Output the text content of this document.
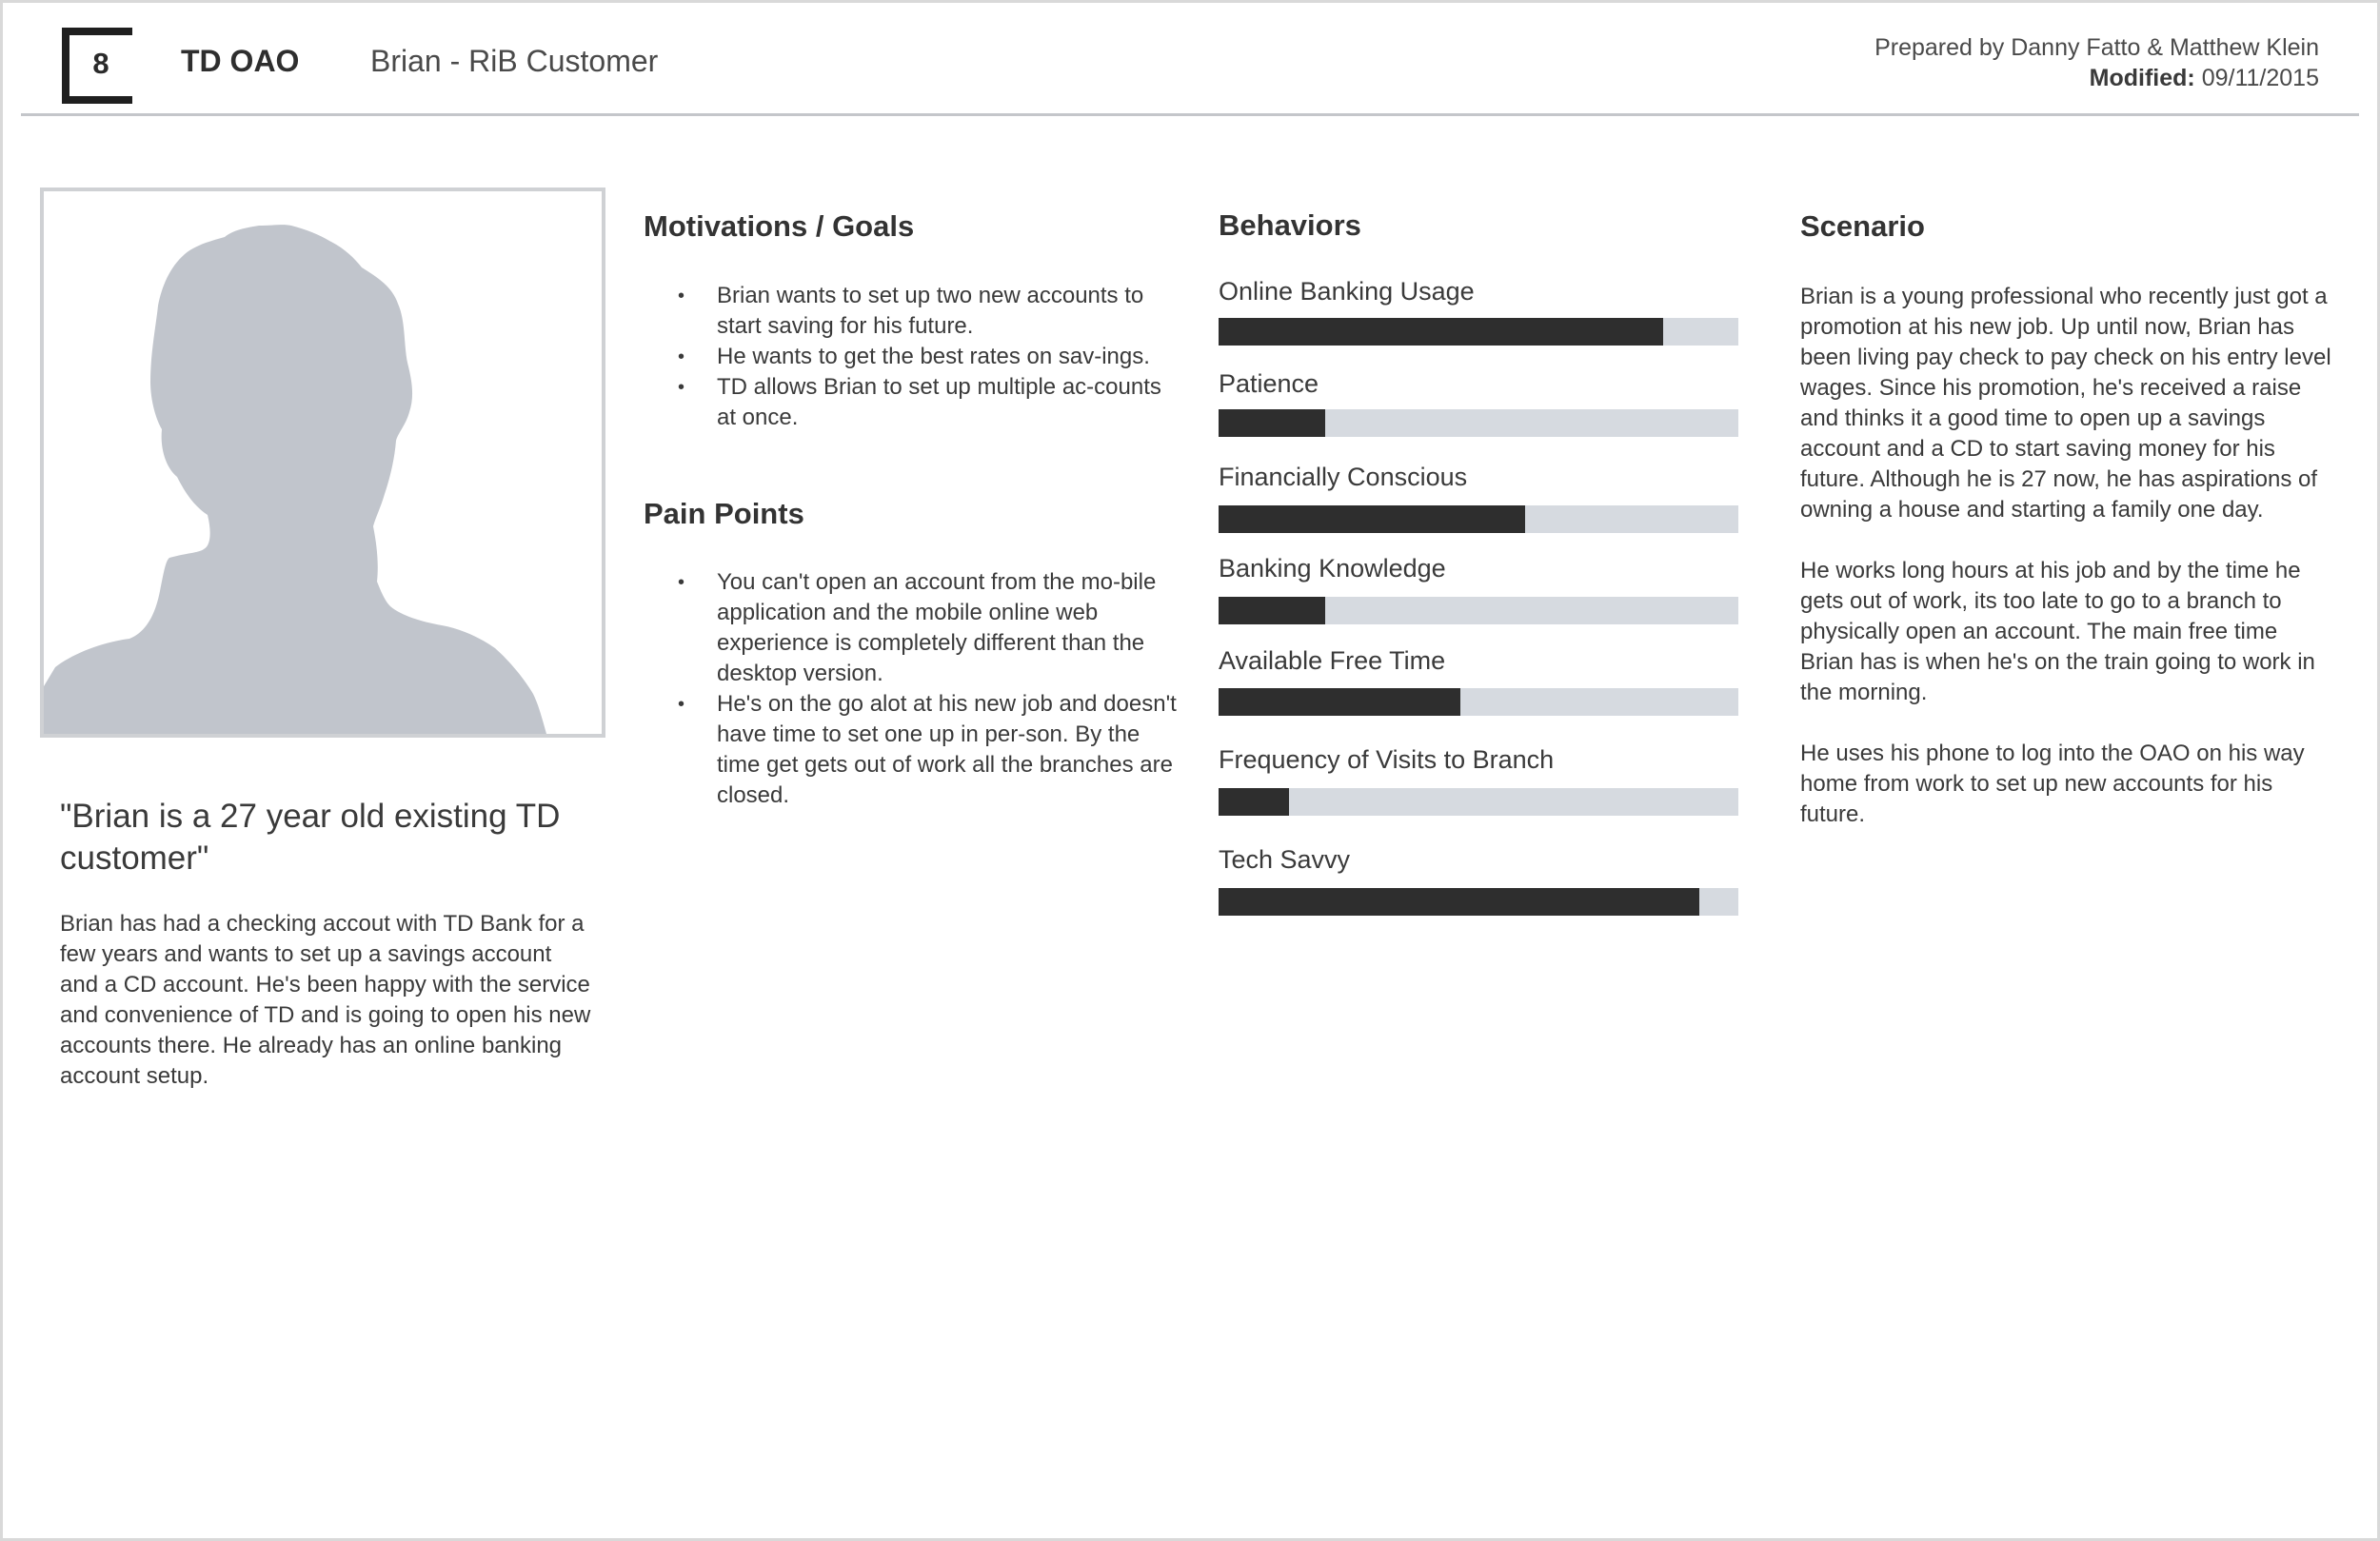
8	TD OAO Brian - RiB Customer	Prepared by Danny Fatto & Matthew Klein
Modified: 09/11/2015
"Brian is a 27 year old existing TD customer"
Brian has had a checking accout with TD Bank for a few years and wants to set up a savings account and a CD account. He's been happy with the service and convenience of TD and is going to open his new accounts there. He already has an online banking account setup.
Motivations / Goals
• Brian wants to set up two new accounts to start saving for his future.
• He wants to get the best rates on sav-ings.
• TD allows Brian to set up multiple ac-counts at once.
Pain Points
• You can't open an account from the mo-bile application and the mobile online web experience is completely different than the desktop version.
• He's on the go alot at his new job and doesn't have time to set one up in per-son. By the time get gets out of work all the branches are closed.
Behaviors
Online Banking Usage
Patience
Financially Conscious
Banking Knowledge
Available Free Time
Frequency of Visits to Branch
Tech Savvy
Scenario

Brian is a young professional who recently just got a promotion at his new job. Up until now, Brian has been living pay check to pay check on his entry level wages. Since his promotion, he's received a raise and thinks it a good time to open up a savings account and a CD to start saving money for his future. Although he is 27 now, he has aspirations of owning a house and starting a family one day.

He works long hours at his job and by the time he gets out of work, its too late to go to a branch to physically open an account. The main free time Brian has is when he's on the train going to work in the morning.

He uses his phone to log into the OAO on his way home from work to set up new accounts for his future.
